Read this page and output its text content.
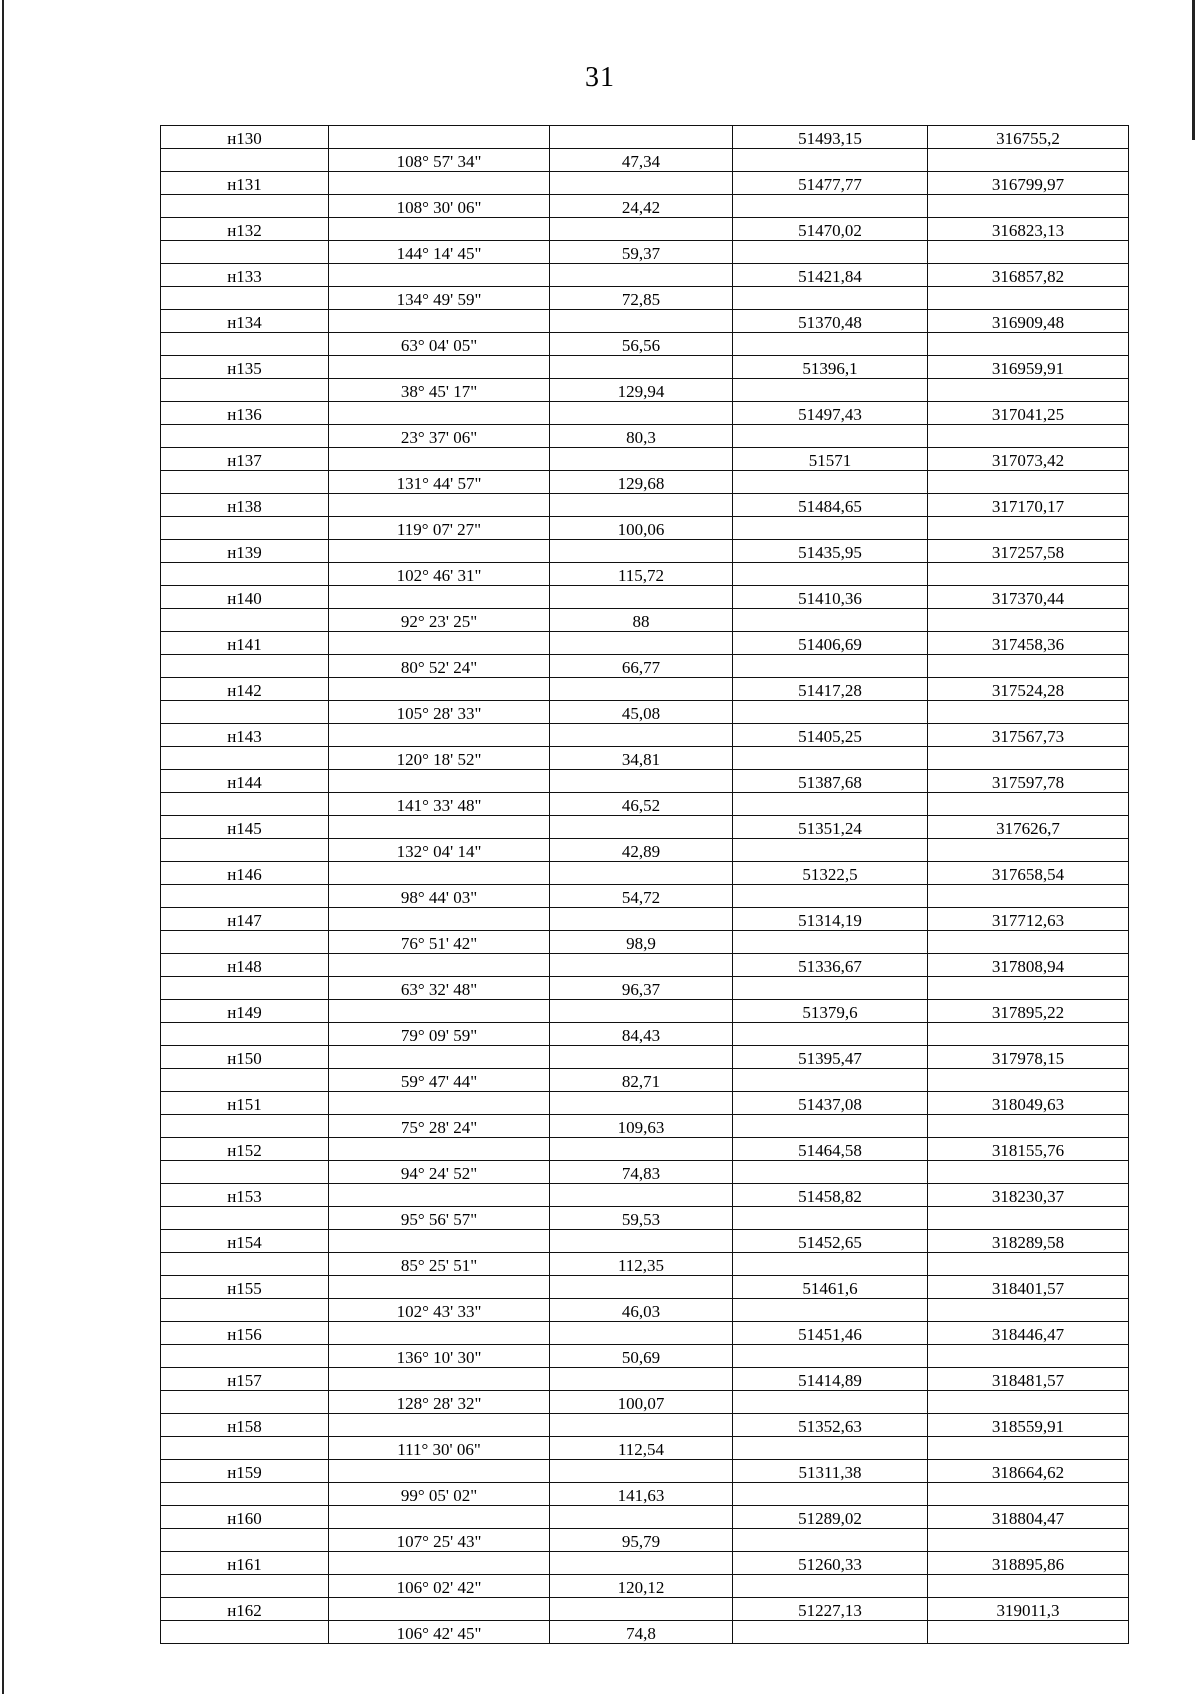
31
н130			51493,15	316755,2
	108° 57' 34"	47,34		
н131			51477,77	316799,97
	108° 30' 06"	24,42		
н132			51470,02	316823,13
	144° 14' 45"	59,37		
н133			51421,84	316857,82
	134° 49' 59"	72,85		
н134			51370,48	316909,48
	63° 04' 05"	56,56		
н135			51396,1	316959,91
	38° 45' 17"	129,94		
н136			51497,43	317041,25
	23° 37' 06"	80,3		
н137			51571	317073,42
	131° 44' 57"	129,68		
н138			51484,65	317170,17
	119° 07' 27"	100,06		
н139			51435,95	317257,58
	102° 46' 31"	115,72		
н140			51410,36	317370,44
	92° 23' 25"	88		
н141			51406,69	317458,36
	80° 52' 24"	66,77		
н142			51417,28	317524,28
	105° 28' 33"	45,08		
н143			51405,25	317567,73
	120° 18' 52"	34,81		
н144			51387,68	317597,78
	141° 33' 48"	46,52		
н145			51351,24	317626,7
	132° 04' 14"	42,89		
н146			51322,5	317658,54
	98° 44' 03"	54,72		
н147			51314,19	317712,63
	76° 51' 42"	98,9		
н148			51336,67	317808,94
	63° 32' 48"	96,37		
н149			51379,6	317895,22
	79° 09' 59"	84,43		
н150			51395,47	317978,15
	59° 47' 44"	82,71		
н151			51437,08	318049,63
	75° 28' 24"	109,63		
н152			51464,58	318155,76
	94° 24' 52"	74,83		
н153			51458,82	318230,37
	95° 56' 57"	59,53		
н154			51452,65	318289,58
	85° 25' 51"	112,35		
н155			51461,6	318401,57
	102° 43' 33"	46,03		
н156			51451,46	318446,47
	136° 10' 30"	50,69		
н157			51414,89	318481,57
	128° 28' 32"	100,07		
н158			51352,63	318559,91
	111° 30' 06"	112,54		
н159			51311,38	318664,62
	99° 05' 02"	141,63		
н160			51289,02	318804,47
	107° 25' 43"	95,79		
н161			51260,33	318895,86
	106° 02' 42"	120,12		
н162			51227,13	319011,3
	106° 42' 45"	74,8		
